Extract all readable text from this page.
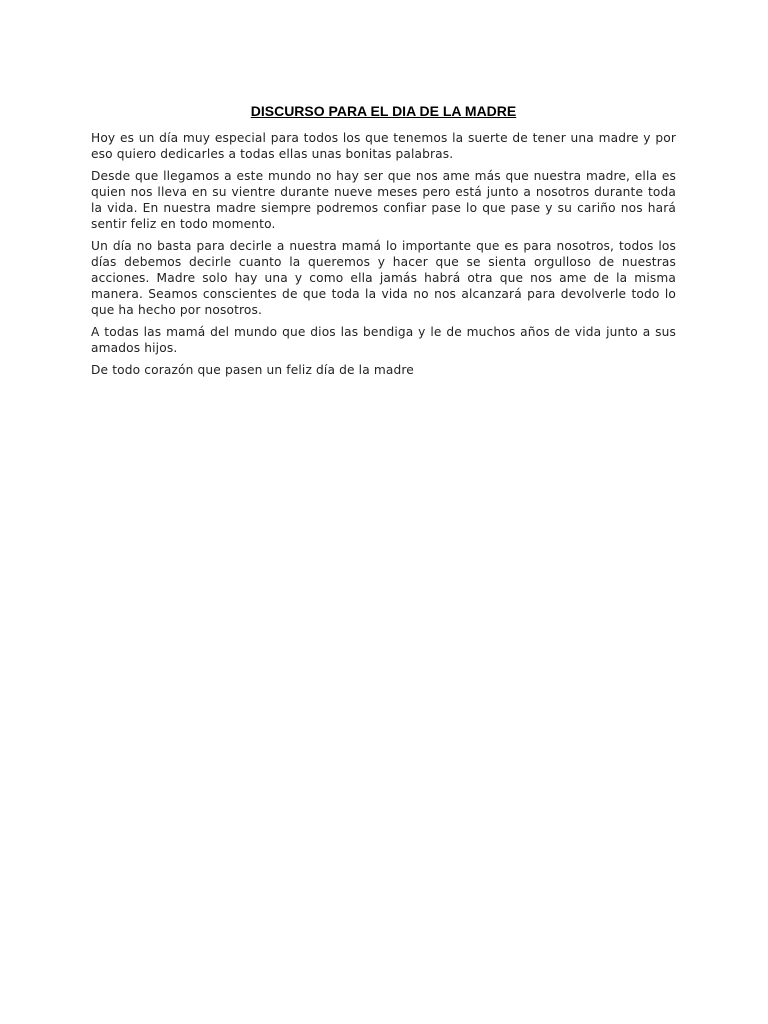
DISCURSO PARA EL DIA DE LA MADRE

Hoy es un día muy especial para todos los que tenemos la suerte de tener una madre y por eso quiero dedicarles a todas ellas unas bonitas palabras.

Desde que llegamos a este mundo no hay ser que nos ame más que nuestra madre, ella es quien nos lleva en su vientre durante nueve meses pero está junto a nosotros durante toda la vida. En nuestra madre siempre podremos confiar pase lo que pase y su cariño nos hará sentir feliz en todo momento.

Un día no basta para decirle a nuestra mamá lo importante que es para nosotros, todos los días debemos decirle cuanto la queremos y hacer que se sienta orgulloso de nuestras acciones. Madre solo hay una y como ella jamás habrá otra que nos ame de la misma manera. Seamos conscientes de que toda la vida no nos alcanzará para devolverle todo lo que ha hecho por nosotros.

A todas las mamá del mundo que dios las bendiga y le de muchos años de vida junto a sus amados hijos.

De todo corazón que pasen un feliz día de la madre
